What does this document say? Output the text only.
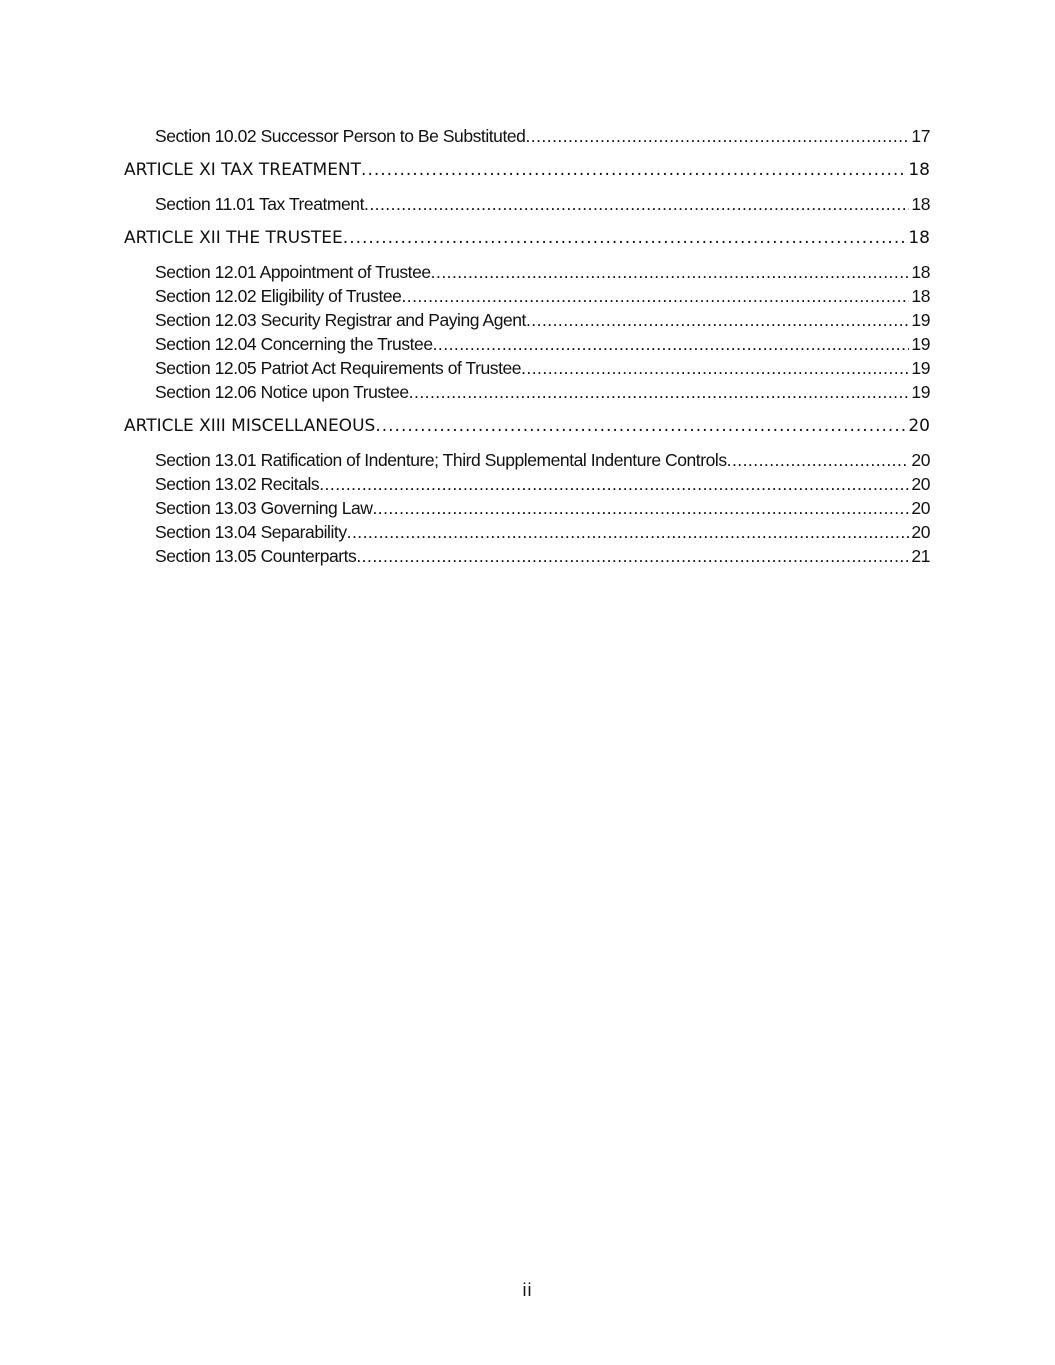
Section 10.02 Successor Person to Be Substituted . . .	17
ARTICLE XI TAX TREATMENT . . .	18
Section 11.01 Tax Treatment . . .	18
ARTICLE XII THE TRUSTEE . . .	18
Section 12.01 Appointment of Trustee . . .	18
Section 12.02 Eligibility of Trustee . . .	18
Section 12.03 Security Registrar and Paying Agent . . .	19
Section 12.04 Concerning the Trustee . . .	19
Section 12.05 Patriot Act Requirements of Trustee . . .	19
Section 12.06 Notice upon Trustee . . .	19
ARTICLE XIII MISCELLANEOUS . . .	20
Section 13.01 Ratification of Indenture; Third Supplemental Indenture Controls . . .	20
Section 13.02 Recitals . . .	20
Section 13.03 Governing Law . . .	20
Section 13.04 Separability . . .	20
Section 13.05 Counterparts . . .	21
ii
